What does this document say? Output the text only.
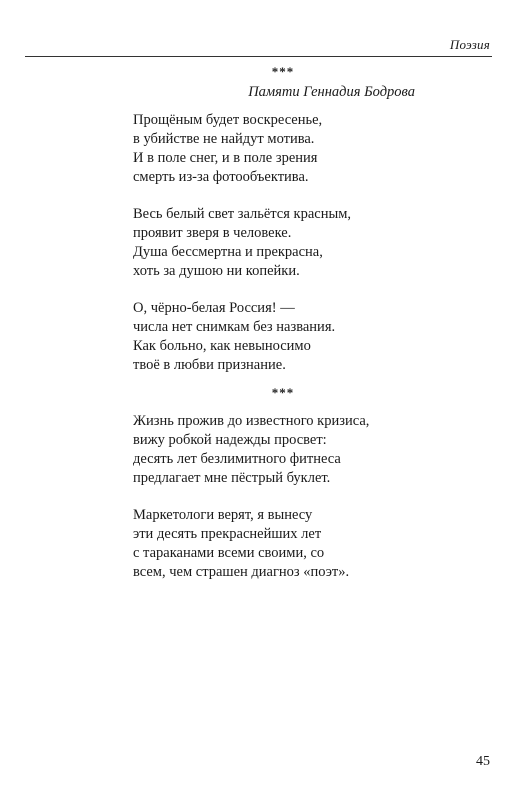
Поэзия
***
Памяти Геннадия Бодрова
Прощёным будет воскресенье,
в убийстве не найдут мотива.
И в поле снег, и в поле зрения
смерть из-за фотообъектива.
Весь белый свет зальётся красным,
проявит зверя в человеке.
Душа бессмертна и прекрасна,
хоть за душою ни копейки.
О, чёрно-белая Россия! —
числа нет снимкам без названия.
Как больно, как невыносимо
твоё в любви признание.
***
Жизнь прожив до известного кризиса,
вижу робкой надежды просвет:
десять лет безлимитного фитнеса
предлагает мне пёстрый буклет.
Маркетологи верят, я вынесу
эти десять прекраснейших лет
с тараканами всеми своими, со
всем, чем страшен диагноз «поэт».
45
